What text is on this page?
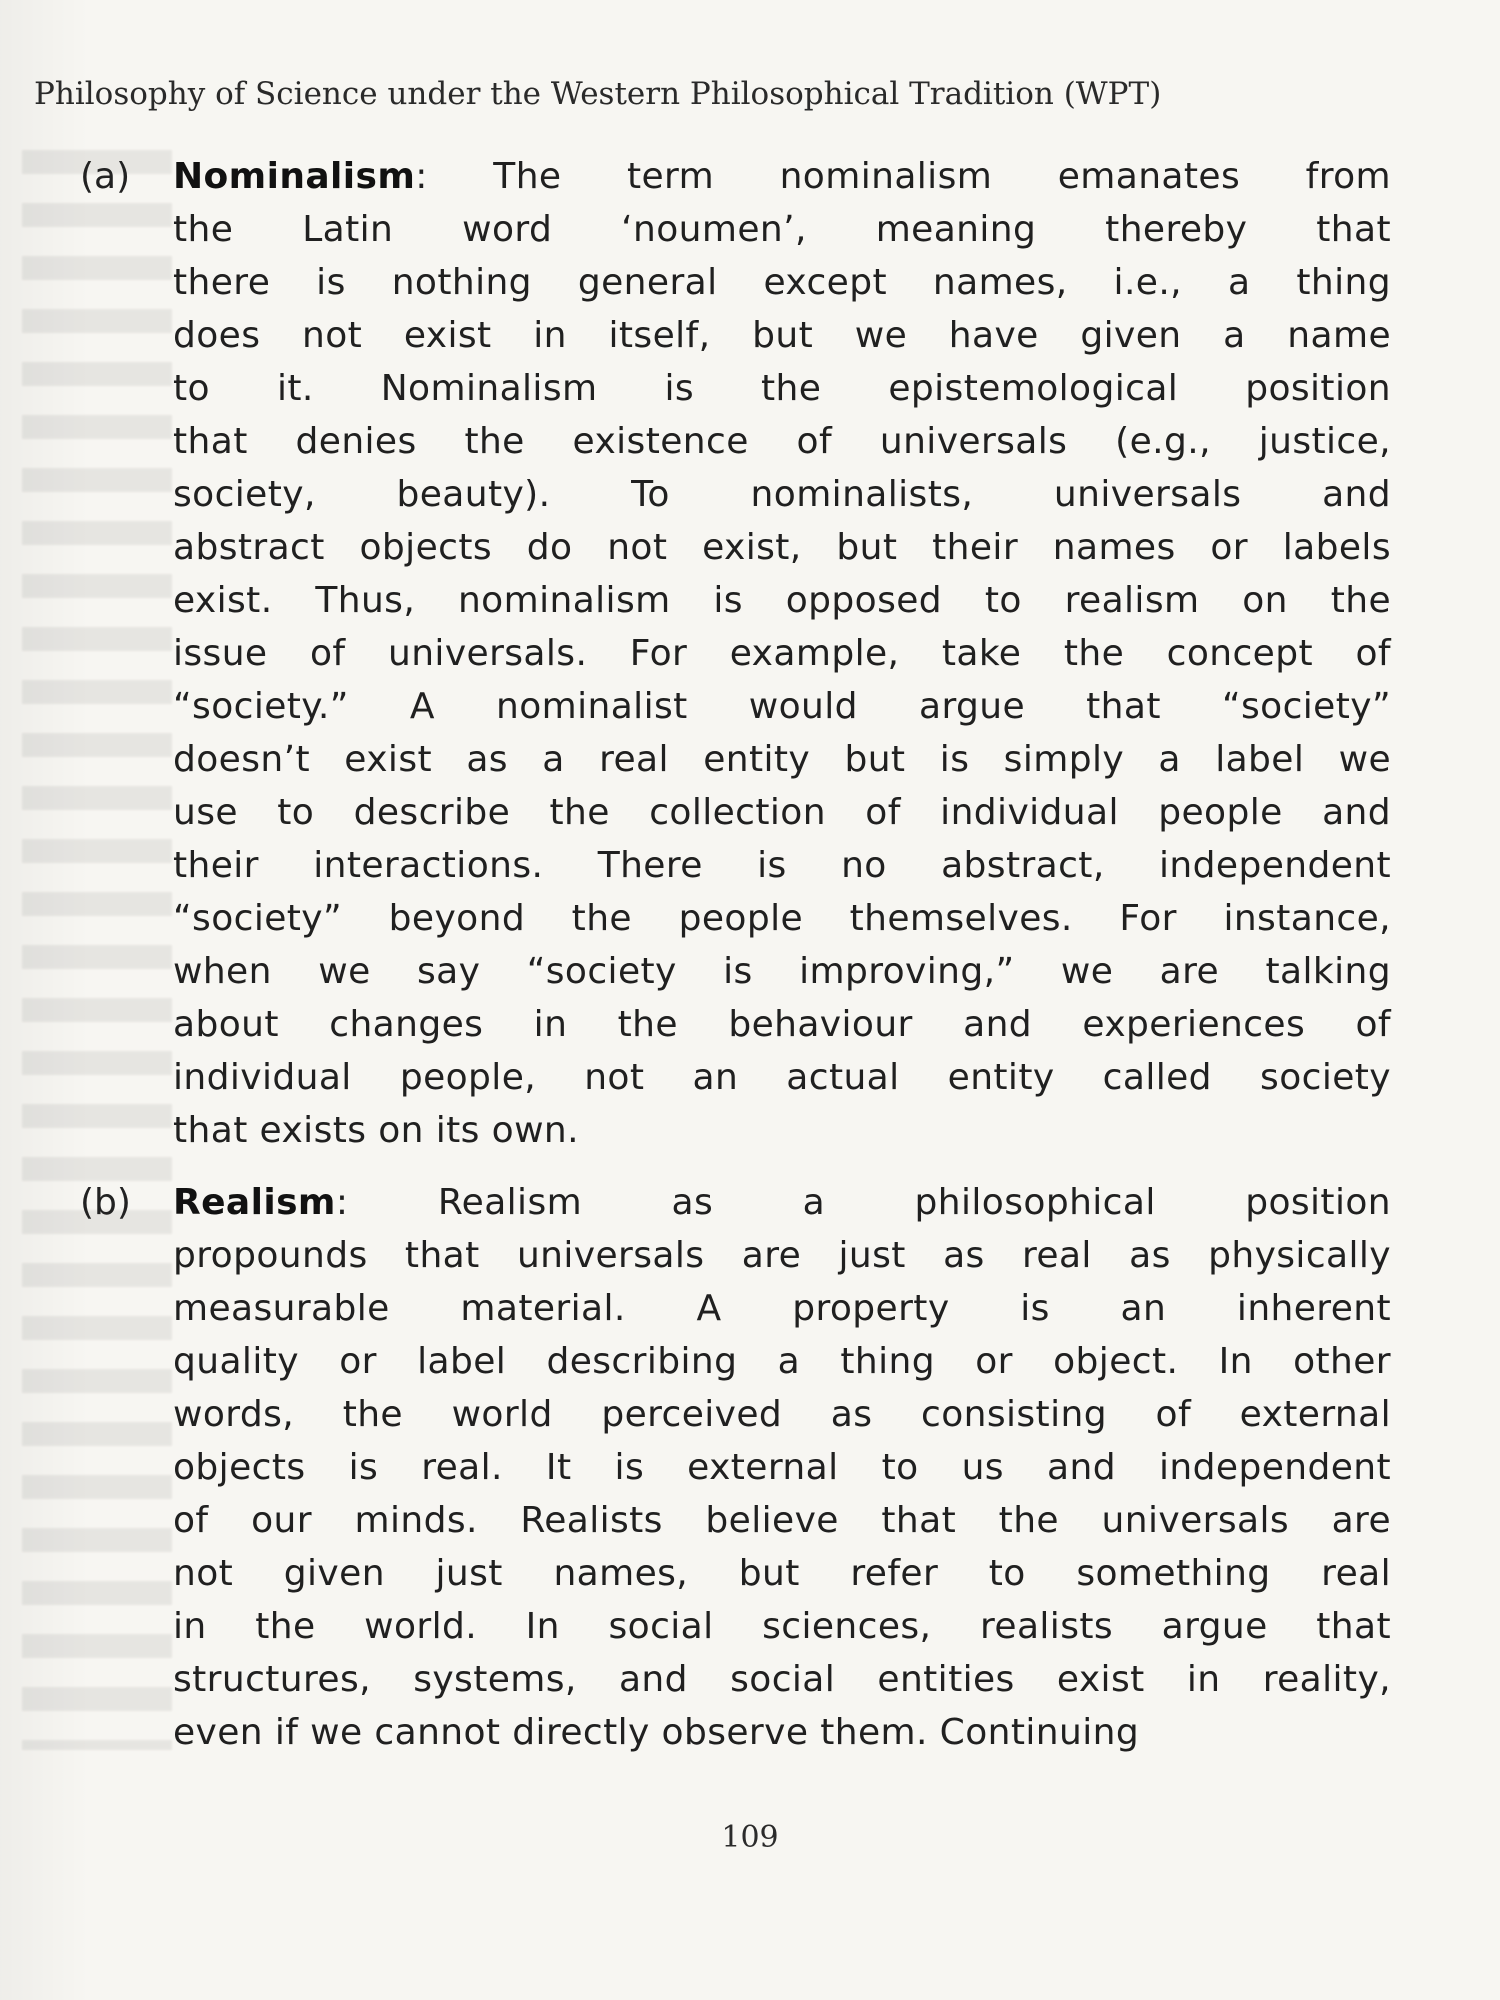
Philosophy of Science under the Western Philosophical Tradition (WPT)
(a)	Nominalism: The term nominalism emanates from
the Latin word ‘noumen’, meaning thereby that
there is nothing general except names, i.e., a thing
does not exist in itself, but we have given a name
to it. Nominalism is the epistemological position
that denies the existence of universals (e.g., justice,
society, beauty). To nominalists, universals and
abstract objects do not exist, but their names or labels
exist. Thus, nominalism is opposed to realism on the
issue of universals. For example, take the concept of
“society.” A nominalist would argue that “society”
doesn’t exist as a real entity but is simply a label we
use to describe the collection of individual people and
their interactions. There is no abstract, independent
“society” beyond the people themselves. For instance,
when we say “society is improving,” we are talking
about changes in the behaviour and experiences of
individual people, not an actual entity called society
that exists on its own.
(b)	Realism: Realism as a philosophical position
propounds that universals are just as real as physically
measurable material. A property is an inherent
quality or label describing a thing or object. In other
words, the world perceived as consisting of external
objects is real. It is external to us and independent
of our minds. Realists believe that the universals are
not given just names, but refer to something real
in the world. In social sciences, realists argue that
structures, systems, and social entities exist in reality,
even if we cannot directly observe them. Continuing
109
